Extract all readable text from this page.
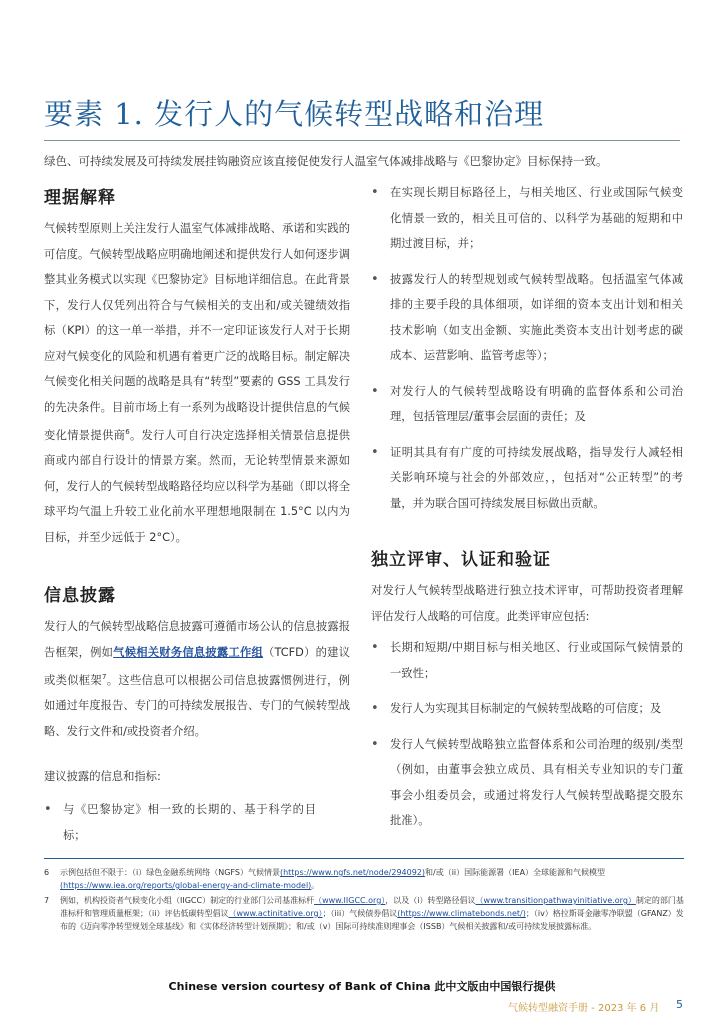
要素 1. 发行人的气候转型战略和治理
绿色、可持续发展及可持续发展挂钩融资应该直接促使发行人温室气体减排战略与《巴黎协定》目标保持一致。
理据解释
气候转型原则上关注发行人温室气体减排战略、承诺和实践的可信度。气候转型战略应明确地阐述和提供发行人如何逐步调整其业务模式以实现《巴黎协定》目标地详细信息。在此背景下，发行人仅凭列出符合与气候相关的支出和/或关键绩效指标（KPI）的这一单一举措，并不一定印证该发行人对于长期应对气候变化的风险和机遇有着更广泛的战略目标。制定解决气候变化相关问题的战略是具有“转型”要素的 GSS 工具发行的先决条件。目前市场上有一系列为战略设计提供信息的气候变化情景提供商$^6$。发行人可自行决定选择相关情景信息提供商或内部自行设计的情景方案。然而，无论转型情景来源如何，发行人的气候转型战略路径均应以科学为基础（即以将全球平均气温上升较工业化前水平理想地限制在 1.5°C 以内为目标，并至少远低于 2°C）。
信息披露
发行人的气候转型战略信息披露可遵循市场公认的信息披露报告框架，例如气候相关财务信息披露工作组（TCFD）的建议或类似框架$^7$。这些信息可以根据公司信息披露惯例进行，例如通过年度报告、专门的可持续发展报告、专门的气候转型战略、发行文件和/或投资者介绍。
建议披露的信息和指标:
• 与《巴黎协定》相一致的长期的、基于科学的目标；
• 在实现长期目标路径上，与相关地区、行业或国际气候变化情景一致的，相关且可信的、以科学为基础的短期和中期过渡目标，并；
• 披露发行人的转型规划或气候转型战略。包括温室气体减排的主要手段的具体细项，如详细的资本支出计划和相关技术影响（如支出金额、实施此类资本支出计划考虑的碳成本、运营影响、监管考虑等）；
• 对发行人的气候转型战略设有明确的监督体系和公司治理，包括管理层/董事会层面的责任；及
• 证明其具有有广度的可持续发展战略，指导发行人减轻相关影响环境与社会的外部效应，，包括对“公正转型”的考量，并为联合国可持续发展目标做出贡献。
独立评审、认证和验证
对发行人气候转型战略进行独立技术评审，可帮助投资者理解评估发行人战略的可信度。此类评审应包括:
• 长期和短期/中期目标与相关地区、行业或国际气候情景的一致性；
• 发行人为实现其目标制定的气候转型战略的可信度；及
• 发行人气候转型战略独立监督体系和公司治理的级别/类型（例如，由董事会独立成员、具有相关专业知识的专门董事会小组委员会，或通过将发行人气候转型战略提交股东批准）。
6 示例包括但不限于：（i）绿色金融系统网络（NGFS）气候情景(https://www.ngfs.net/node/294092)和/或（ii）国际能源署（IEA）全球能源和气候模型(https://www.iea.org/reports/global-energy-and-climate-model)。
7 例如，机构投资者气候变化小组（IIGCC）制定的行业部门公司基准标杆（www.IIGCC.org），以及（i）转型路径倡议（www.transitionpathwayinitiative.org）制定的部门基准标杆和管理质量框架；（ii）评估低碳转型倡议（www.actinitative.org）；（iii）气候债券倡议(https://www.climatebonds.net/)；（iv）格拉斯哥金融零净联盟（GFANZ）发布的《迈向零净转型规划全球基线》和《实体经济转型计划预期》；和/或（v）国际可持续准则理事会（ISSB）气候相关披露和/或可持续发展披露标准。
Chinese version courtesy of Bank of China 此中文版由中国银行提供
气候转型融资手册 - 2023 年 6 月 5
